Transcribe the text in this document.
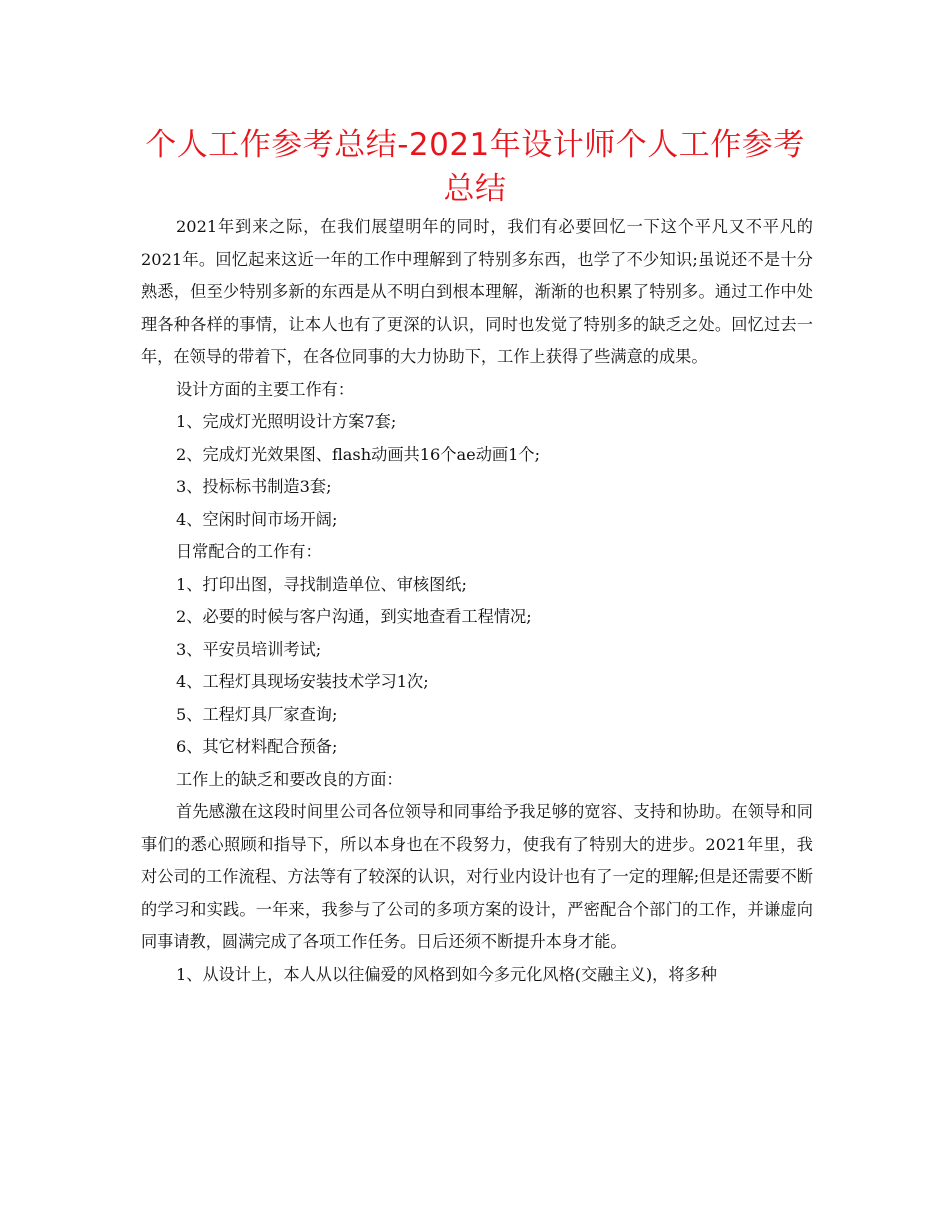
个人工作参考总结-2021年设计师个人工作参考总结

2021年到来之际，在我们展望明年的同时，我们有必要回忆一下这个平凡又不平凡的2021年。回忆起来这近一年的工作中理解到了特别多东西，也学了不少知识;虽说还不是十分熟悉，但至少特别多新的东西是从不明白到根本理解，渐渐的也积累了特别多。通过工作中处理各种各样的事情，让本人也有了更深的认识，同时也发觉了特别多的缺乏之处。回忆过去一年，在领导的带着下，在各位同事的大力协助下，工作上获得了些满意的成果。

设计方面的主要工作有：

1、完成灯光照明设计方案7套;

2、完成灯光效果图、flash动画共16个ae动画1个;

3、投标标书制造3套;

4、空闲时间市场开阔;

日常配合的工作有：

1、打印出图，寻找制造单位、审核图纸;

2、必要的时候与客户沟通，到实地查看工程情况;

3、平安员培训考试;

4、工程灯具现场安装技术学习1次;

5、工程灯具厂家查询;

6、其它材料配合预备;

工作上的缺乏和要改良的方面：

首先感激在这段时间里公司各位领导和同事给予我足够的宽容、支持和协助。在领导和同事们的悉心照顾和指导下，所以本身也在不段努力，使我有了特别大的进步。2021年里，我对公司的工作流程、方法等有了较深的认识，对行业内设计也有了一定的理解;但是还需要不断的学习和实践。一年来，我参与了公司的多项方案的设计，严密配合个部门的工作，并谦虚向同事请教，圆满完成了各项工作任务。日后还须不断提升本身才能。

1、从设计上，本人从以往偏爱的风格到如今多元化风格(交融主义)，将多种
